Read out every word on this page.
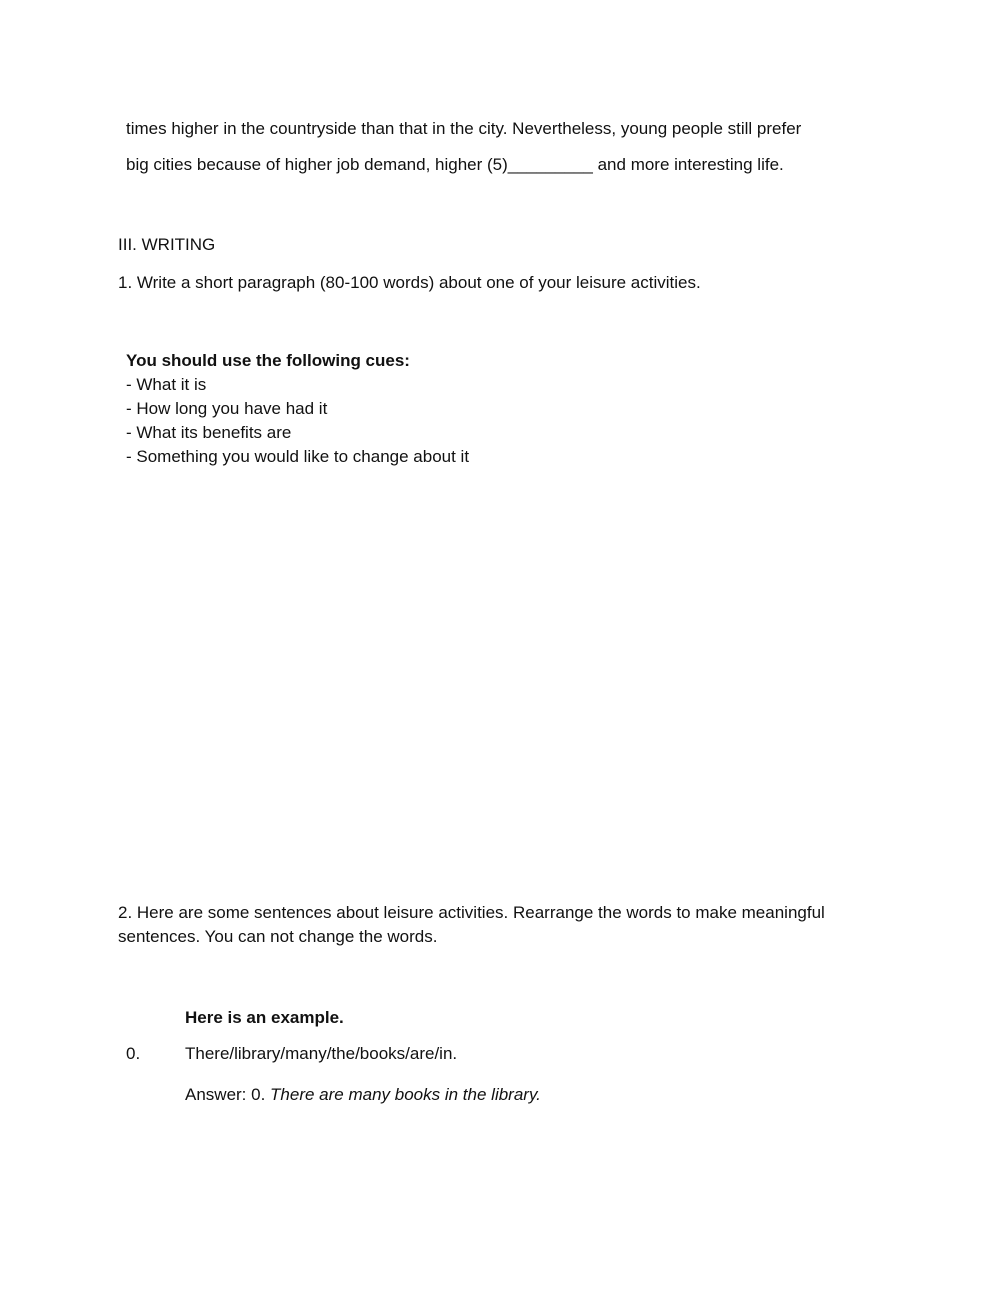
times higher in the countryside than that in the city. Nevertheless, young people still prefer
big cities because of higher job demand, higher (5)_________ and more interesting life.
III. WRITING
1. Write a short paragraph (80-100 words) about one of your leisure activities.
You should use the following cues:
- What it is
- How long you have had it
- What its benefits are
- Something you would like to change about it
2. Here are some sentences about leisure activities. Rearrange the words to make meaningful
sentences. You can not change the words.
Here is an example.
0.	There/library/many/the/books/are/in.
Answer: 0. There are many books in the library.
